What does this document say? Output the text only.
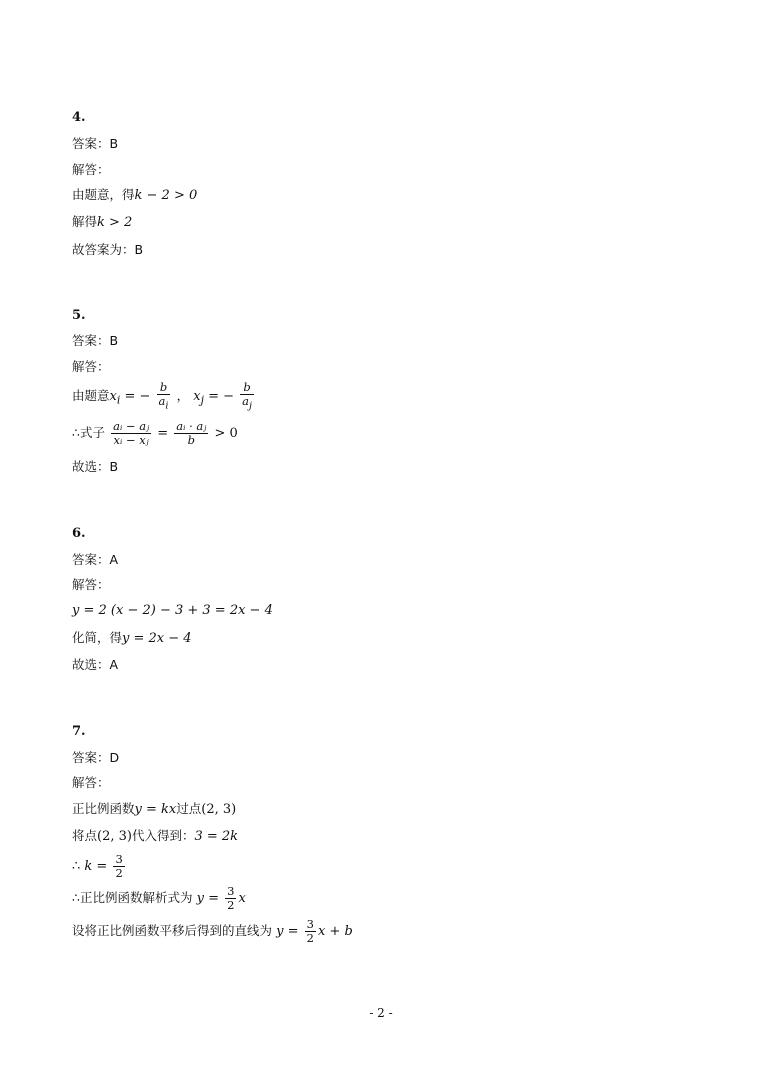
4.
答案：B
解答：
由题意，得k − 2 > 0
解得k > 2
故答案为：B
5.
答案：B
解答：
由题意$x_i$ = − $\frac{b}{a_i}$ ， $x_j$ = − $\frac{b}{a_j}$
∴式子 $\frac{\text{aᵢ − aⱼ}}{\text{xᵢ − xⱼ}} = \frac{\text{aᵢ · aⱼ}}{b} > 0$
故选：B
6.
答案：A
解答：
y = 2 (x − 2) − 3 + 3 = 2x − 4
化简，得y = 2x − 4
故选：A
7.
答案：D
解答：
正比例函数y = kx过点(2, 3)
将点(2, 3)代入得到：3 = 2k
∴ $k = \frac{3}{2}$
∴正比例函数解析式为 $y = \frac{3}{2}$ x
设将正比例函数平移后得到的直线为 $y = \frac{3}{2}$ x + b
- 2 -
